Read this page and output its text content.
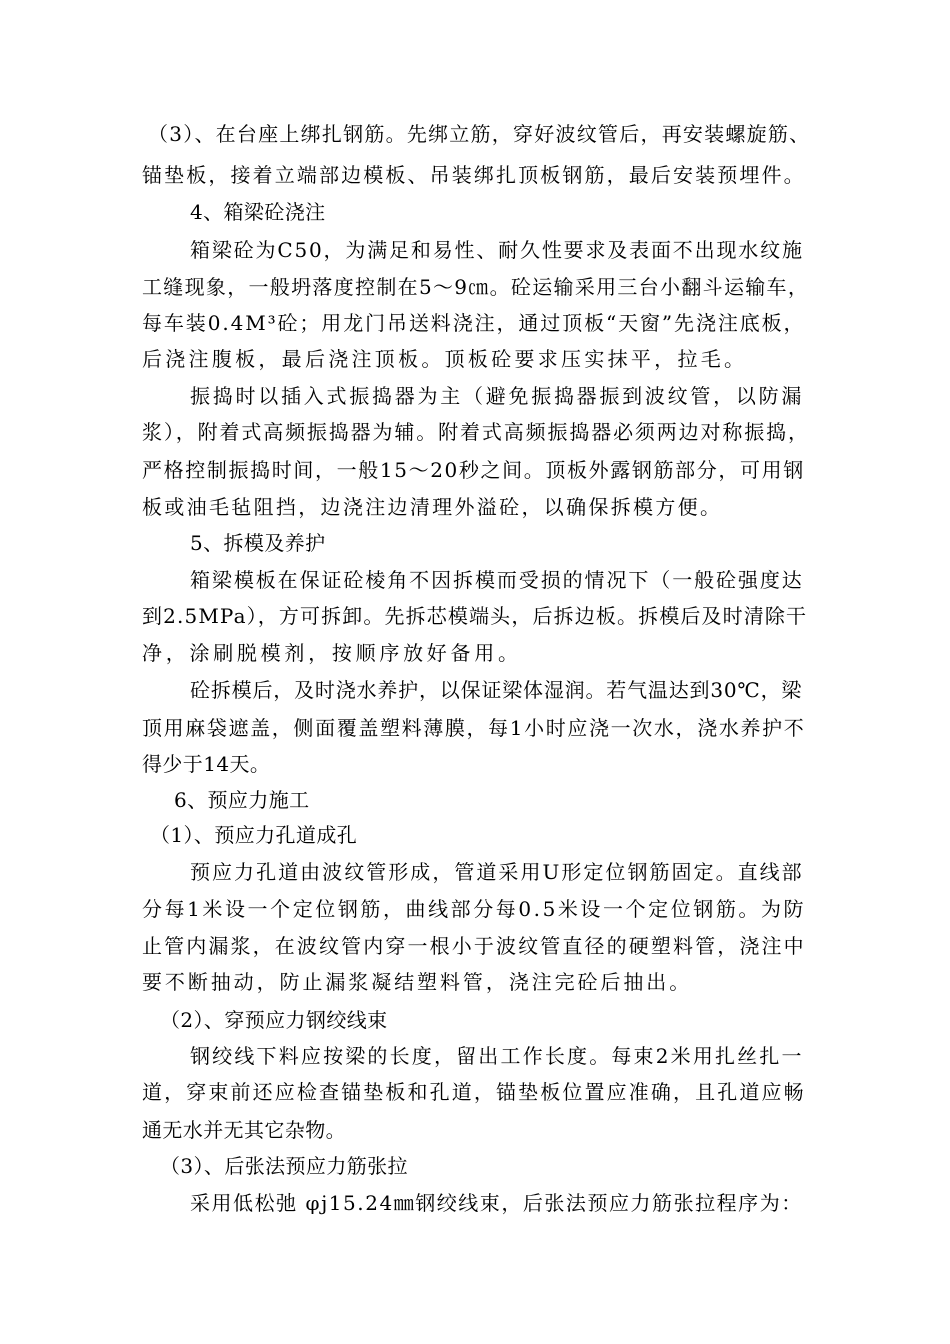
（3）、在台座上绑扎钢筋。先绑立筋，穿好波纹管后，再安装螺旋筋、
锚垫板，接着立端部边模板、吊装绑扎顶板钢筋，最后安装预埋件。
4、箱梁砼浇注
箱梁砼为C50，为满足和易性、耐久性要求及表面不出现水纹施
工缝现象，一般坍落度控制在5～9㎝。砼运输采用三台小翻斗运输车，
每车装0.4M³砼；用龙门吊送料浇注，通过顶板“天窗”先浇注底板，
后浇注腹板，最后浇注顶板。顶板砼要求压实抹平，拉毛。
振捣时以插入式振捣器为主（避免振捣器振到波纹管，以防漏
浆），附着式高频振捣器为辅。附着式高频振捣器必须两边对称振捣，
严格控制振捣时间，一般15～20秒之间。顶板外露钢筋部分，可用钢
板或油毛毡阻挡，边浇注边清理外溢砼，以确保拆模方便。
5、拆模及养护
箱梁模板在保证砼棱角不因拆模而受损的情况下（一般砼强度达
到2.5MPa），方可拆卸。先拆芯模端头，后拆边板。拆模后及时清除干
净，涂刷脱模剂，按顺序放好备用。
砼拆模后，及时浇水养护，以保证梁体湿润。若气温达到30℃，梁
顶用麻袋遮盖，侧面覆盖塑料薄膜，每1小时应浇一次水，浇水养护不
得少于14天。
6、预应力施工
（1）、预应力孔道成孔
预应力孔道由波纹管形成，管道采用U形定位钢筋固定。直线部
分每1米设一个定位钢筋，曲线部分每0.5米设一个定位钢筋。为防
止管内漏浆，在波纹管内穿一根小于波纹管直径的硬塑料管，浇注中
要不断抽动，防止漏浆凝结塑料管，浇注完砼后抽出。
（2）、穿预应力钢绞线束
钢绞线下料应按梁的长度，留出工作长度。每束2米用扎丝扎一
道，穿束前还应检查锚垫板和孔道，锚垫板位置应准确，且孔道应畅
通无水并无其它杂物。
（3）、后张法预应力筋张拉
采用低松弛 φj15.24㎜钢绞线束，后张法预应力筋张拉程序为：
